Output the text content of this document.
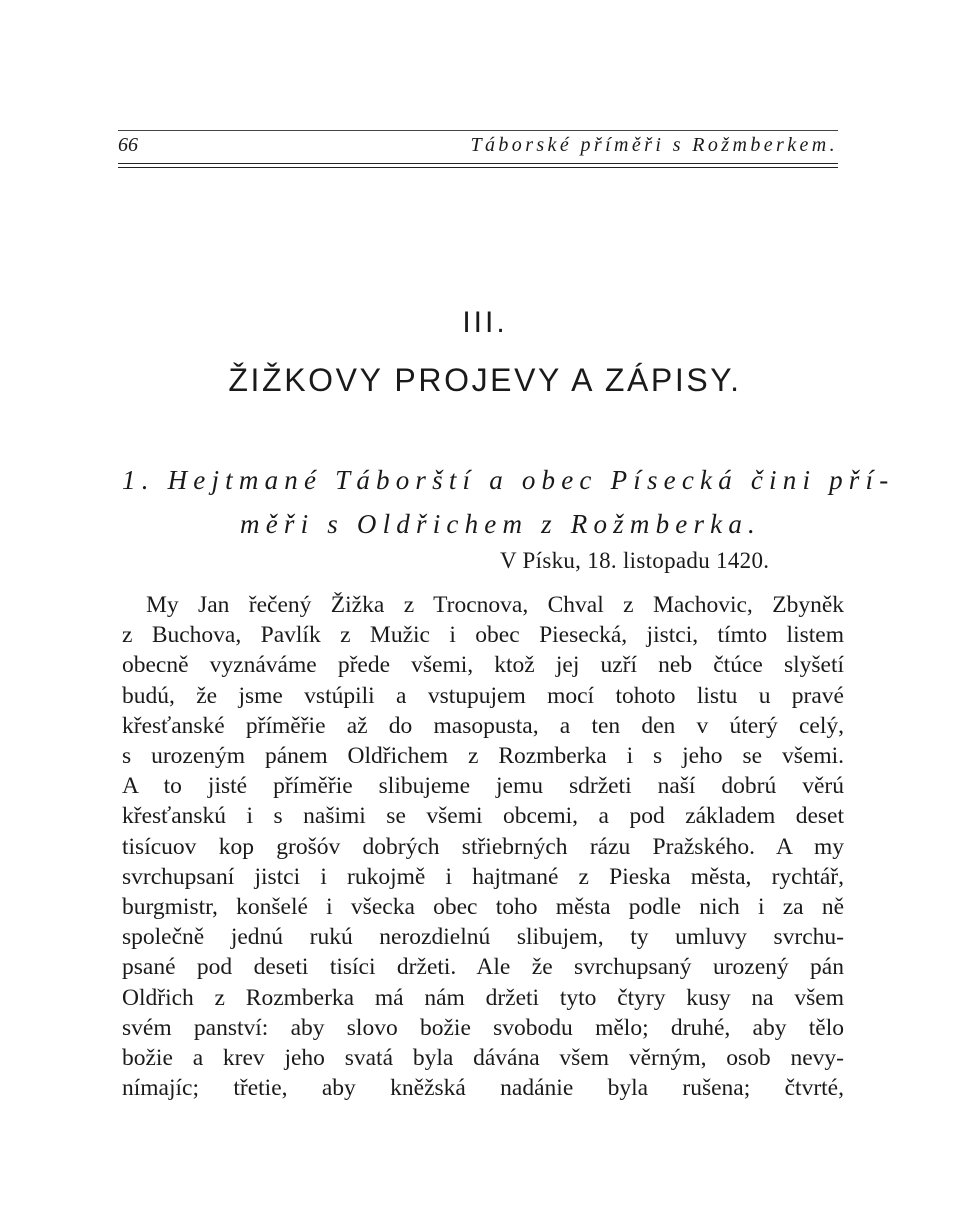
66	Táborské příměři s Rožmberkem.
III.
ŽIŽKOVY PROJEVY A ZÁPISY.
1. Hejtmané Táborští a obec Písecká čini pří-
měři s Oldřichem z Rožmberka.
V Písku, 18. listopadu 1420.
My Jan řečený Žižka z Trocnova, Chval z Machovic, Zbyněk
z Buchova, Pavlík z Mužic i obec Piesecká, jistci, tímto listem
obecně vyznáváme přede všemi, ktož jej uzří neb čtúce slyšetí
budú, že jsme vstúpili a vstupujem mocí tohoto listu u pravé
křesťanské příměřie až do masopusta, a ten den v úterý celý,
s urozeným pánem Oldřichem z Rozmberka i s jeho se všemi.
A to jisté příměřie slibujeme jemu sdržeti naší dobrú věrú
křesťanskú i s našimi se všemi obcemi, a pod základem deset
tisícuov kop grošóv dobrých střiebrných rázu Pražského. A my
svrchupsaní jistci i rukojmě i hajtmané z Pieska města, rychtář,
burgmistr, konšelé i všecka obec toho města podle nich i za ně
společně jednú rukú nerozdielnú slibujem, ty umluvy svrchu-
psané pod deseti tisíci držeti. Ale že svrchupsaný urozený pán
Oldřich z Rozmberka má nám držeti tyto čtyry kusy na všem
svém panství: aby slovo božie svobodu mělo; druhé, aby tělo
božie a krev jeho svatá byla dávána všem věrným, osob nevy-
nímajíc; třetie, aby kněžská nadánie byla rušena; čtvrté,
